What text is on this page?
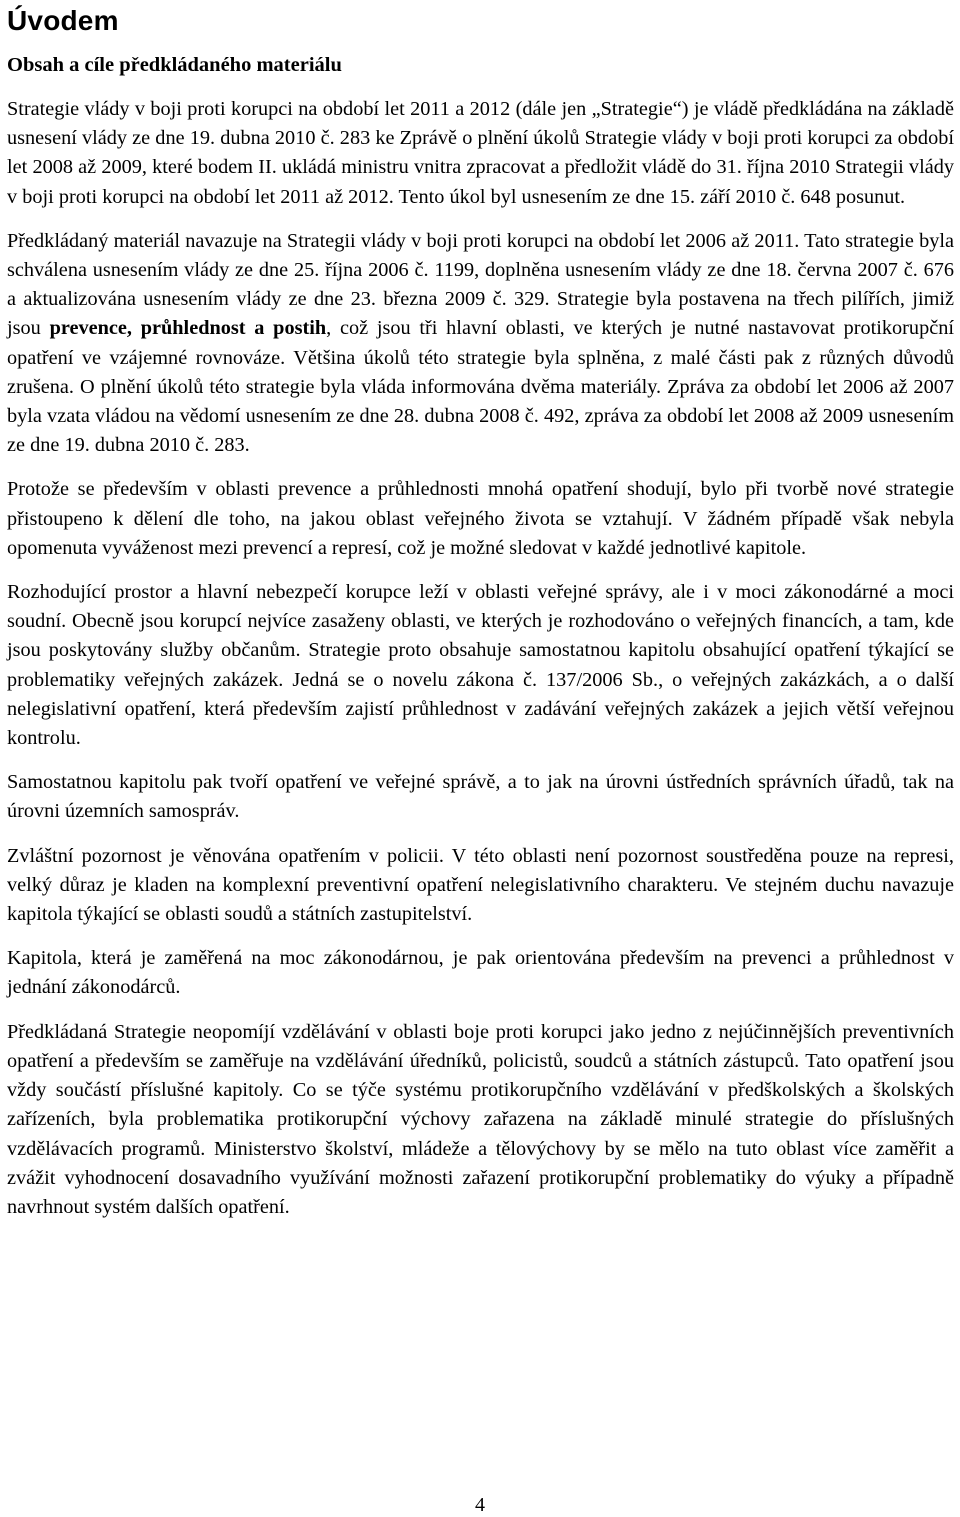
Úvodem
Obsah a cíle předkládaného materiálu

Strategie vlády v boji proti korupci na období let 2011 a 2012 (dále jen „Strategie“) je vládě předkládána na základě usnesení vlády ze dne 19. dubna 2010 č. 283 ke Zprávě o plnění úkolů Strategie vlády v boji proti korupci za období let 2008 až 2009, které bodem II. ukládá ministru vnitra zpracovat a předložit vládě do 31. října 2010 Strategii vlády v boji proti korupci na období let 2011 až 2012. Tento úkol byl usnesením ze dne 15. září 2010 č. 648 posunut.

Předkládaný materiál navazuje na Strategii vlády v boji proti korupci na období let 2006 až 2011. Tato strategie byla schválena usnesením vlády ze dne 25. října 2006 č. 1199, doplněna usnesením vlády ze dne 18. června 2007 č. 676 a aktualizována usnesením vlády ze dne 23. března 2009 č. 329. Strategie byla postavena na třech pilířích, jimiž jsou prevence, průhlednost a postih, což jsou tři hlavní oblasti, ve kterých je nutné nastavovat protikorupční opatření ve vzájemné rovnováze. Většina úkolů této strategie byla splněna, z malé části pak z různých důvodů zrušena. O plnění úkolů této strategie byla vláda informována dvěma materiály. Zpráva za období let 2006 až 2007 byla vzata vládou na vědomí usnesením ze dne 28. dubna 2008 č. 492, zpráva za období let 2008 až 2009 usnesením ze dne 19. dubna 2010 č. 283.

Protože se především v oblasti prevence a průhlednosti mnohá opatření shodují, bylo při tvorbě nové strategie přistoupeno k dělení dle toho, na jakou oblast veřejného života se vztahují. V žádném případě však nebyla opomenuta vyváženost mezi prevencí a represí, což je možné sledovat v každé jednotlivé kapitole.

Rozhodující prostor a hlavní nebezpečí korupce leží v oblasti veřejné správy, ale i v moci zákonodárné a moci soudní. Obecně jsou korupcí nejvíce zasaženy oblasti, ve kterých je rozhodováno o veřejných financích, a tam, kde jsou poskytovány služby občanům. Strategie proto obsahuje samostatnou kapitolu obsahující opatření týkající se problematiky veřejných zakázek. Jedná se o novelu zákona č. 137/2006 Sb., o veřejných zakázkách, a o další nelegislativní opatření, která především zajistí průhlednost v zadávání veřejných zakázek a jejich větší veřejnou kontrolu.

Samostatnou kapitolu pak tvoří opatření ve veřejné správě, a to jak na úrovni ústředních správních úřadů, tak na úrovni územních samospráv.

Zvláštní pozornost je věnována opatřením v policii. V této oblasti není pozornost soustředěna pouze na represi, velký důraz je kladen na komplexní preventivní opatření nelegislativního charakteru. Ve stejném duchu navazuje kapitola týkající se oblasti soudů a státních zastupitelství.

Kapitola, která je zaměřená na moc zákonodárnou, je pak orientována především na prevenci a průhlednost v jednání zákonodárců.

Předkládaná Strategie neopomíjí vzdělávání v oblasti boje proti korupci jako jedno z nejúčinnějších preventivních opatření a především se zaměřuje na vzdělávání úředníků, policistů, soudců a státních zástupců. Tato opatření jsou vždy součástí příslušné kapitoly. Co se týče systému protikorupčního vzdělávání v předškolských a školských zařízeních, byla problematika protikorupční výchovy zařazena na základě minulé strategie do příslušných vzdělávacích programů. Ministerstvo školství, mládeže a tělovýchovy by se mělo na tuto oblast více zaměřit a zvážit vyhodnocení dosavadního využívání možnosti zařazení protikorupční problematiky do výuky a případně navrhnout systém dalších opatření.

4
